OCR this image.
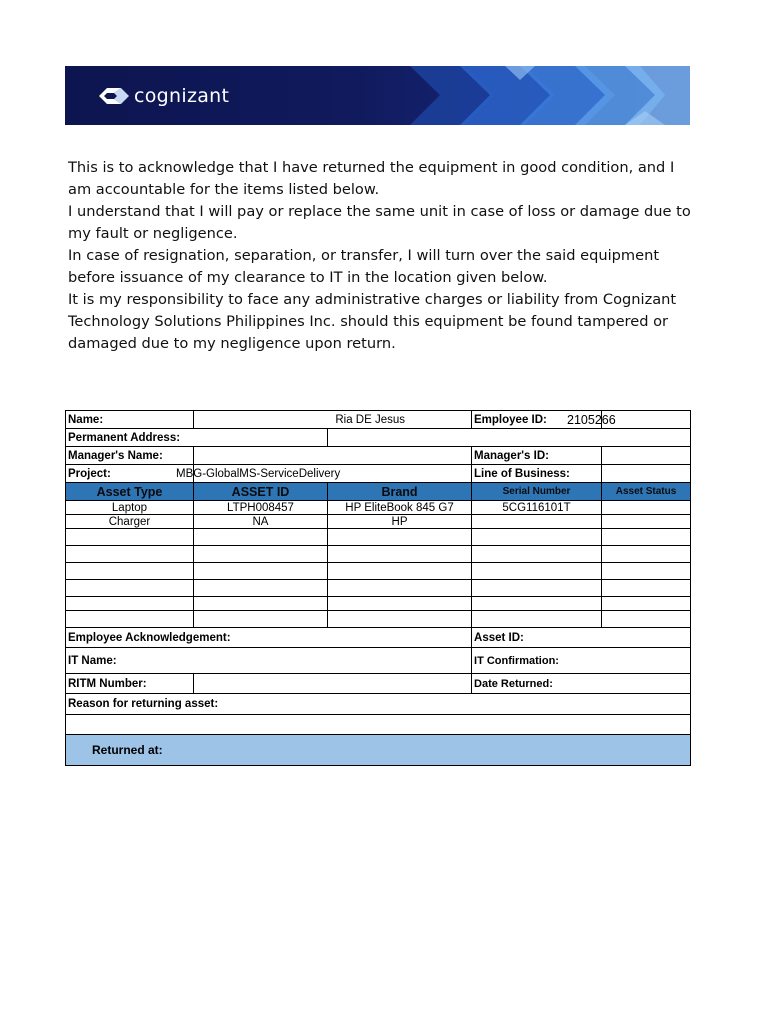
cognizant

This is to acknowledge that I have returned the equipment in good condition, and I am accountable for the items listed below.

I understand that I will pay or replace the same unit in case of loss or damage due to my fault or negligence.

In case of resignation, separation, or transfer, I will turn over the said equipment before issuance of my clearance to IT in the location given below.

It is my responsibility to face any administrative charges or liability from Cognizant Technology Solutions Philippines Inc. should this equipment be found tampered or damaged due to my negligence upon return.

Name:	Ria DE Jesus		Employee ID:	2105266
Permanent Address:				
Manager's Name:			Manager's ID:	
Project:	MBG-GlobalMS-ServiceDelivery		Line of Business:	
Asset Type	ASSET ID	Brand	Serial Number	Asset Status
Laptop	LTPH008457	HP EliteBook 845 G7	5CG116101T	
Charger	NA	HP		

Employee Acknowledgement:			Asset ID:	
IT Name:			IT Confirmation:	
RITM Number:			Date Returned:	
Reason for returning asset:				

Returned at:				
